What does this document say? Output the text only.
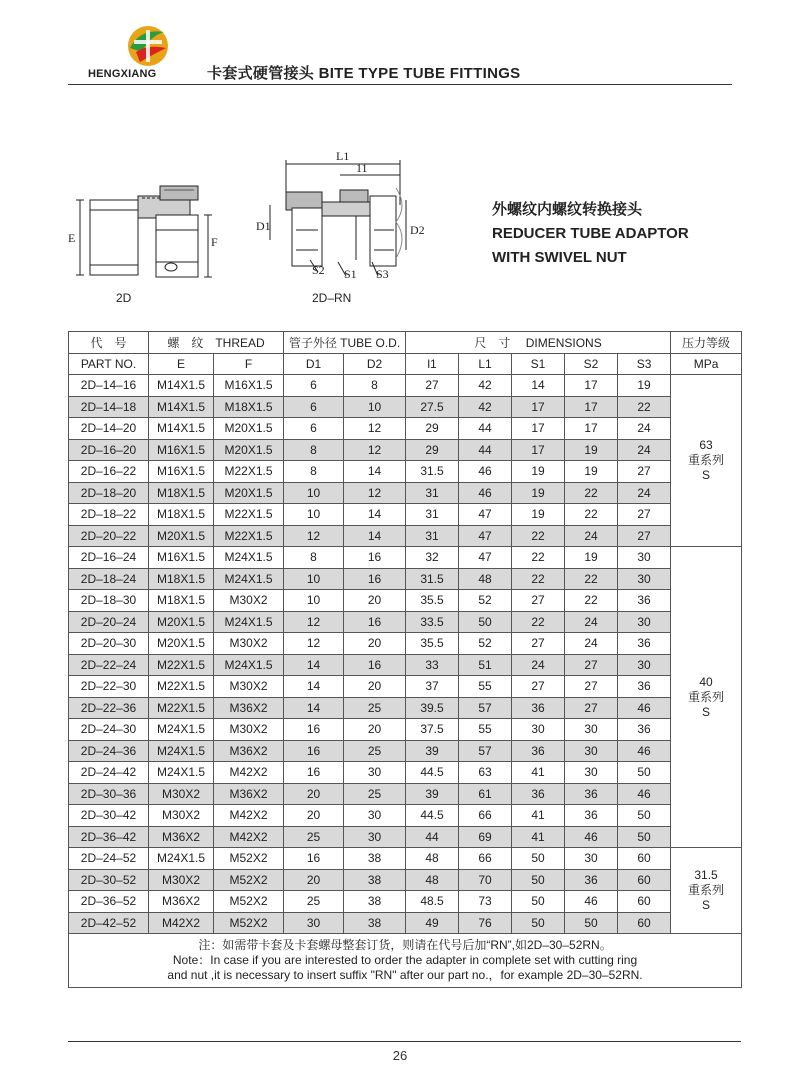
HENGXIANG	卡套式硬管接头 BITE TYPE TUBE FITTINGS
E	F
2D
L1
11
D1	D2
S2 S1 S3
2D–RN
外螺纹内螺纹转换接头
REDUCER TUBE ADAPTOR
WITH SWIVEL NUT
代　号	螺　纹　THREAD		管子外径 TUBE O.D.		尺　寸　 DIMENSIONS					压力等级
PART NO.	E	F	D1	D2	l1	L1	S1	S2	S3	MPa
2D–14–16	M14X1.5	M16X1.5	6	8	27	42	14	17	19	63
重系列
S

2D–14–18	M14X1.5	M18X1.5	6	10	27.5	42	17	17	22	
2D–14–20	M14X1.5	M20X1.5	6	12	29	44	17	17	24	
2D–16–20	M16X1.5	M20X1.5	8	12	29	44	17	19	24	
2D–16–22	M16X1.5	M22X1.5	8	14	31.5	46	19	19	27	
2D–18–20	M18X1.5	M20X1.5	10	12	31	46	19	22	24	
2D–18–22	M18X1.5	M22X1.5	10	14	31	47	19	22	27	
2D–20–22	M20X1.5	M22X1.5	12	14	31	47	22	24	27	
2D–16–24	M16X1.5	M24X1.5	8	16	32	47	22	19	30	40
重系列
S

2D–18–24	M18X1.5	M24X1.5	10	16	31.5	48	22	22	30	
2D–18–30	M18X1.5	M30X2	10	20	35.5	52	27	22	36	
2D–20–24	M20X1.5	M24X1.5	12	16	33.5	50	22	24	30	
2D–20–30	M20X1.5	M30X2	12	20	35.5	52	27	24	36	
2D–22–24	M22X1.5	M24X1.5	14	16	33	51	24	27	30	
2D–22–30	M22X1.5	M30X2	14	20	37	55	27	27	36	
2D–22–36	M22X1.5	M36X2	14	25	39.5	57	36	27	46	
2D–24–30	M24X1.5	M30X2	16	20	37.5	55	30	30	36	
2D–24–36	M24X1.5	M36X2	16	25	39	57	36	30	46	
2D–24–42	M24X1.5	M42X2	16	30	44.5	63	41	30	50	
2D–30–36	M30X2	M36X2	20	25	39	61	36	36	46	
2D–30–42	M30X2	M42X2	20	30	44.5	66	41	36	50	
2D–36–42	M36X2	M42X2	25	30	44	69	41	46	50	
2D–24–52	M24X1.5	M52X2	16	38	48	66	50	30	60	31.5
重系列
S

2D–30–52	M30X2	M52X2	20	38	48	70	50	36	60	
2D–36–52	M36X2	M52X2	25	38	48.5	73	50	46	60	
2D–42–52	M42X2	M52X2	30	38	49	76	50	50	60	

注：如需带卡套及卡套螺母整套订货，则请在代号后加“RN”,如2D–30–52RN。
Note：In case if you are interested to order the adapter in complete set with cutting ring
and nut ,it is necessary to insert suffix "RN" after our part no.，for example 2D–30–52RN.										
26
